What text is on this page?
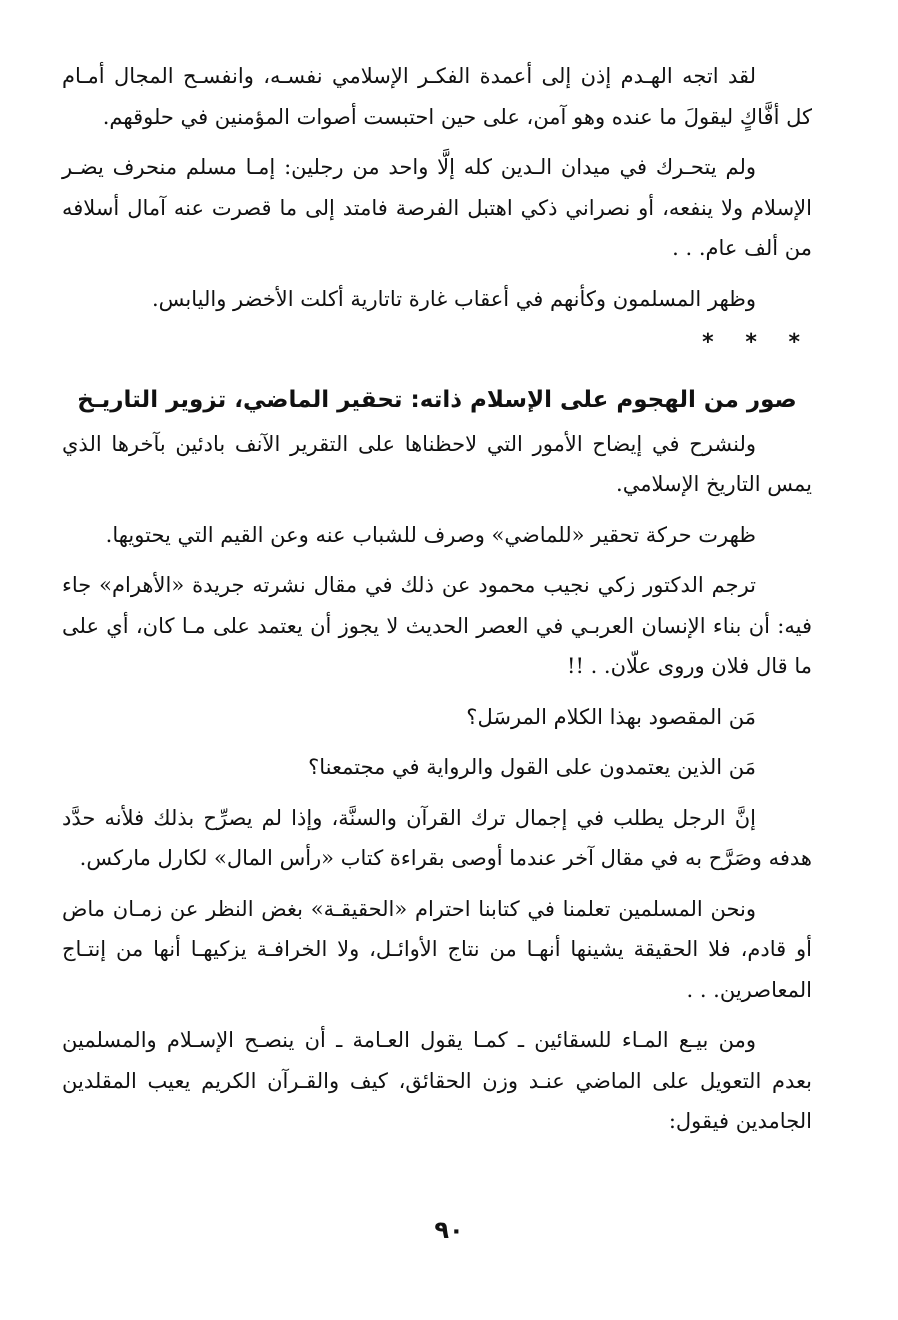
لقد اتجه الهـدم إذن إلى أعمدة الفكـر الإسلامي نفسـه، وانفسـح المجال أمـام كل أفَّاكٍ ليقولَ ما عنده وهو آمن، على حين احتبست أصوات المؤمنين في حلوقهم.

ولم يتحـرك في ميدان الـدين كله إلَّا واحد من رجلين: إمـا مسلم منحرف يضـر الإسلام ولا ينفعه، أو نصراني ذكي اهتبل الفرصة فامتد إلى ما قصرت عنه آمال أسلافه من ألف عام. . .

وظهر المسلمون وكأنهم في أعقاب غارة تاتارية أكلت الأخضر واليابس.

* * *
صور من الهجوم على الإسلام ذاته: تحقير الماضي، تزوير التاريـخ

ولنشرح في إيضاح الأمور التي لاحظناها على التقرير الآنف بادئين بآخرها الذي يمس التاريخ الإسلامي.

ظهرت حركة تحقير «للماضي» وصرف للشباب عنه وعن القيم التي يحتويها.

ترجم الدكتور زكي نجيب محمود عن ذلك في مقال نشرته جريدة «الأهرام» جاء فيه: أن بناء الإنسان العربـي في العصر الحديث لا يجوز أن يعتمد على مـا كان، أي على ما قال فلان وروى علّان. . !!

مَن المقصود بهذا الكلام المرسَل؟

مَن الذين يعتمدون على القول والرواية في مجتمعنا؟

إنَّ الرجل يطلب في إجمال ترك القرآن والسنَّة، وإذا لم يصرِّح بذلك فلأنه حدَّد هدفه وصَرَّح به في مقال آخر عندما أوصى بقراءة كتاب «رأس المال» لكارل ماركس.

ونحن المسلمين تعلمنا في كتابنا احترام «الحقيقـة» بغض النظر عن زمـان ماض أو قادم، فلا الحقيقة يشينها أنهـا من نتاج الأوائـل، ولا الخرافـة يزكيهـا أنها من إنتـاج المعاصرين. . .

ومن بيـع المـاء للسقائين ـ كمـا يقول العـامة ـ أن ينصـح الإسـلام والمسلمين بعدم التعويل على الماضي عنـد وزن الحقائق، كيف والقـرآن الكريم يعيب المقلدين الجامدين فيقول:

٩٠
